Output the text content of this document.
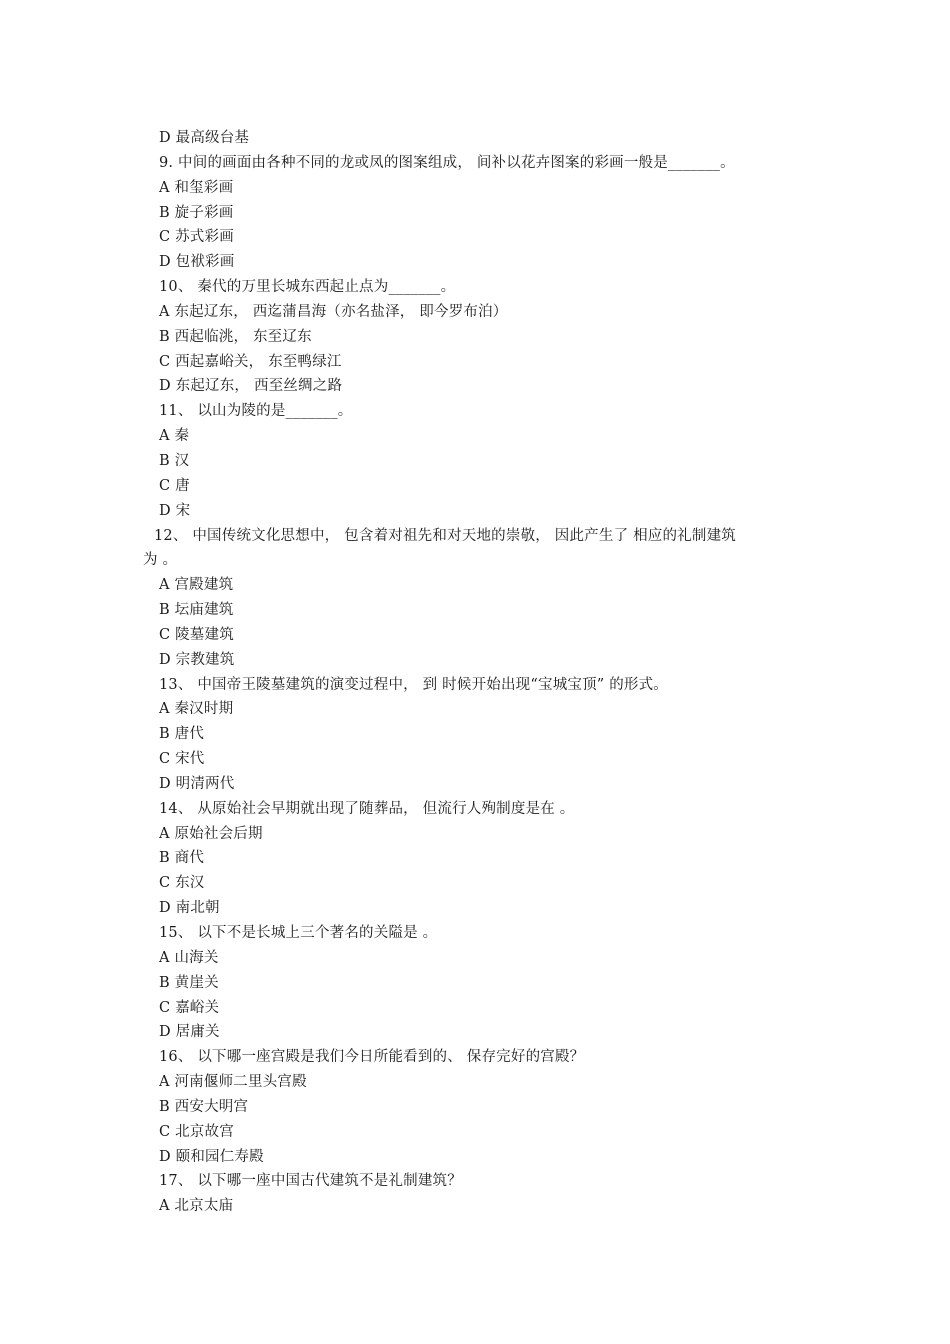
D 最高级台基
9. 中间的画面由各种不同的龙或凤的图案组成， 间补以花卉图案的彩画一般是_______。
A 和玺彩画
B 旋子彩画
C 苏式彩画
D 包袱彩画
10、 秦代的万里长城东西起止点为_______。
A 东起辽东， 西迄蒲昌海（亦名盐泽， 即今罗布泊）
B 西起临洮， 东至辽东
C 西起嘉峪关， 东至鸭绿江
D 东起辽东， 西至丝绸之路
11、 以山为陵的是_______。
A 秦
B 汉
C 唐
D 宋
12、 中国传统文化思想中， 包含着对祖先和对天地的崇敬， 因此产生了 相应的礼制建筑
为 。
A 宫殿建筑
B 坛庙建筑
C 陵墓建筑
D 宗教建筑
13、 中国帝王陵墓建筑的演变过程中， 到 时候开始出现“宝城宝顶” 的形式。
A 秦汉时期
B 唐代
C 宋代
D 明清两代
14、 从原始社会早期就出现了随葬品， 但流行人殉制度是在 。
A 原始社会后期
B 商代
C 东汉
D 南北朝
15、 以下不是长城上三个著名的关隘是 。
A 山海关
B 黄崖关
C 嘉峪关
D 居庸关
16、 以下哪一座宫殿是我们今日所能看到的、 保存完好的宫殿？
A 河南偃师二里头宫殿
B 西安大明宫
C 北京故宫
D 颐和园仁寿殿
17、 以下哪一座中国古代建筑不是礼制建筑？
A 北京太庙
